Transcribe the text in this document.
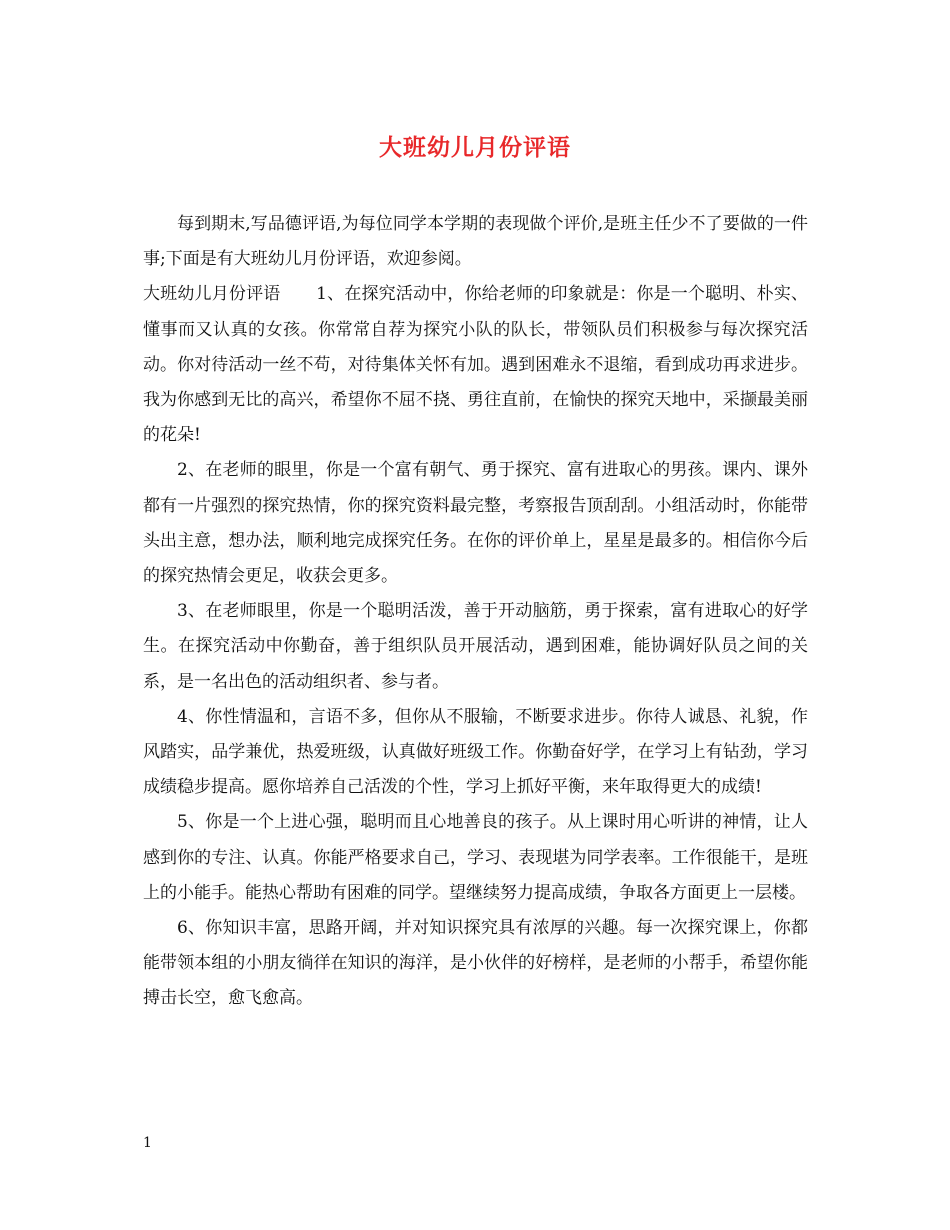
大班幼儿月份评语

每到期末,写品德评语,为每位同学本学期的表现做个评价,是班主任少不了要做的一件事;下面是有大班幼儿月份评语，欢迎参阅。

大班幼儿月份评语 1、在探究活动中，你给老师的印象就是：你是一个聪明、朴实、懂事而又认真的女孩。你常常自荐为探究小队的队长，带领队员们积极参与每次探究活动。你对待活动一丝不苟，对待集体关怀有加。遇到困难永不退缩，看到成功再求进步。我为你感到无比的高兴，希望你不屈不挠、勇往直前，在愉快的探究天地中，采撷最美丽的花朵!

2、在老师的眼里，你是一个富有朝气、勇于探究、富有进取心的男孩。课内、课外都有一片强烈的探究热情，你的探究资料最完整，考察报告顶刮刮。小组活动时，你能带头出主意，想办法，顺利地完成探究任务。在你的评价单上，星星是最多的。相信你今后的探究热情会更足，收获会更多。

3、在老师眼里，你是一个聪明活泼，善于开动脑筋，勇于探索，富有进取心的好学生。在探究活动中你勤奋，善于组织队员开展活动，遇到困难，能协调好队员之间的关系，是一名出色的活动组织者、参与者。

4、你性情温和，言语不多，但你从不服输，不断要求进步。你待人诚恳、礼貌，作风踏实，品学兼优，热爱班级，认真做好班级工作。你勤奋好学，在学习上有钻劲，学习成绩稳步提高。愿你培养自己活泼的个性，学习上抓好平衡，来年取得更大的成绩!

5、你是一个上进心强，聪明而且心地善良的孩子。从上课时用心听讲的神情，让人感到你的专注、认真。你能严格要求自己，学习、表现堪为同学表率。工作很能干，是班上的小能手。能热心帮助有困难的同学。望继续努力提高成绩，争取各方面更上一层楼。

6、你知识丰富，思路开阔，并对知识探究具有浓厚的兴趣。每一次探究课上，你都能带领本组的小朋友徜徉在知识的海洋，是小伙伴的好榜样，是老师的小帮手，希望你能搏击长空，愈飞愈高。

1
